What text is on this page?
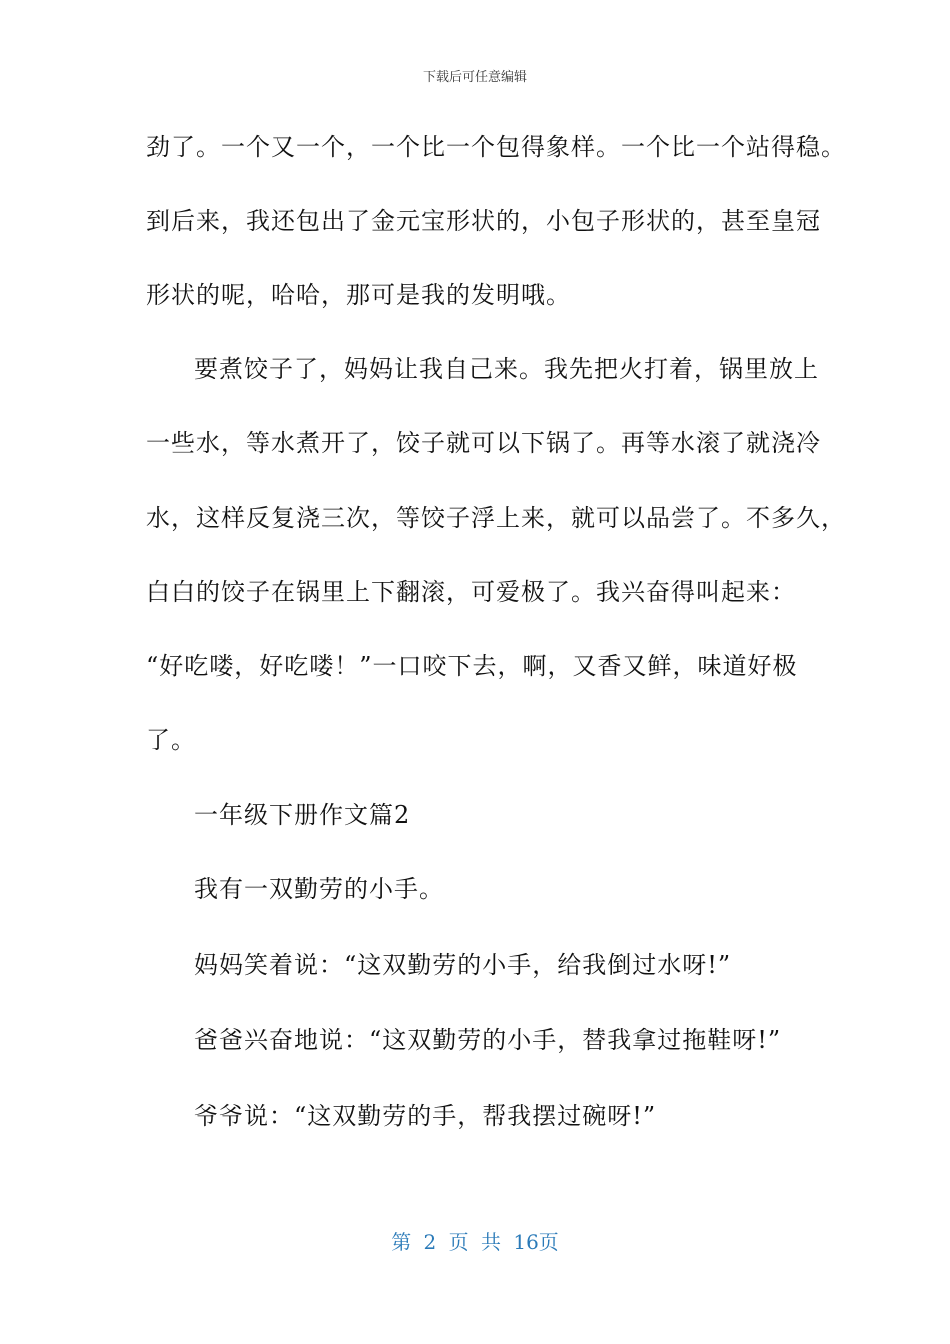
下载后可任意编辑
劲了。一个又一个，一个比一个包得象样。一个比一个站得稳。
到后来，我还包出了金元宝形状的，小包子形状的，甚至皇冠
形状的呢，哈哈，那可是我的发明哦。
要煮饺子了，妈妈让我自己来。我先把火打着，锅里放上
一些水，等水煮开了，饺子就可以下锅了。再等水滚了就浇冷
水，这样反复浇三次，等饺子浮上来，就可以品尝了。不多久，
白白的饺子在锅里上下翻滚，可爱极了。我兴奋得叫起来：
“好吃喽，好吃喽！”一口咬下去，啊，又香又鲜，味道好极
了。
一年级下册作文篇2
我有一双勤劳的小手。
妈妈笑着说：“这双勤劳的小手，给我倒过水呀!”
爸爸兴奋地说：“这双勤劳的小手，替我拿过拖鞋呀!”
爷爷说：“这双勤劳的手，帮我摆过碗呀!”
第 2 页 共 16页
